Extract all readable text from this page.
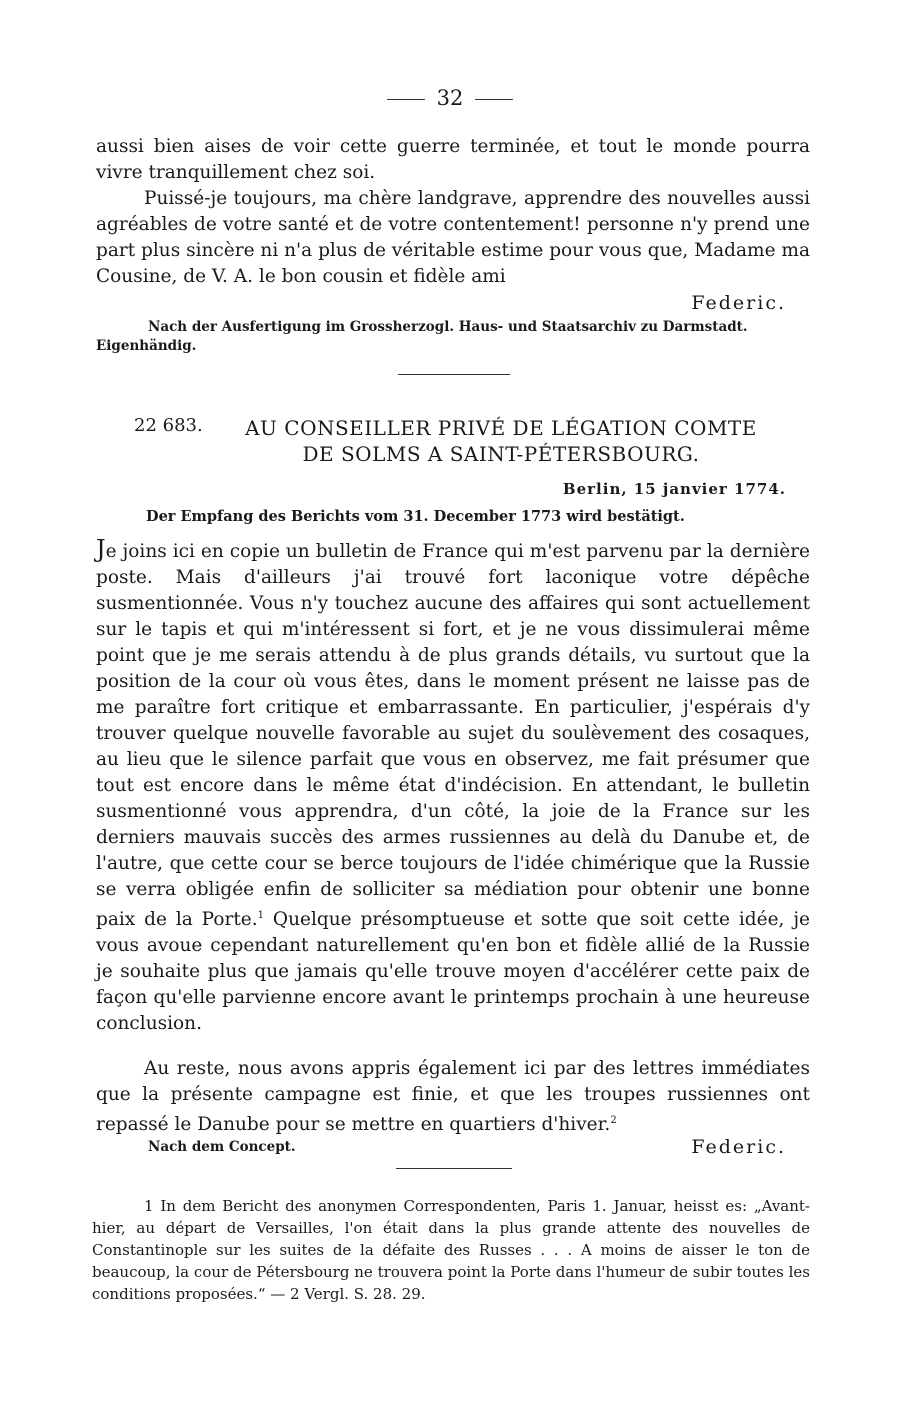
32

aussi bien aises de voir cette guerre terminée, et tout le monde pourra vivre tranquillement chez soi.

Puissé-je toujours, ma chère landgrave, apprendre des nouvelles aussi agréables de votre santé et de votre contentement! personne n'y prend une part plus sincère ni n'a plus de véritable estime pour vous que, Madame ma Cousine, de V. A. le bon cousin et fidèle ami

Federic.

Nach der Ausfertigung im Grossherzogl. Haus- und Staatsarchiv zu Darmstadt. Eigenhändig.

22 683.	AU CONSEILLER PRIVÉ DE LÉGATION COMTE
DE SOLMS A SAINT-PÉTERSBOURG.
Berlin, 15 janvier 1774.
Der Empfang des Berichts vom 31. December 1773 wird bestätigt.

Je joins ici en copie un bulletin de France qui m'est parvenu par la dernière poste. Mais d'ailleurs j'ai trouvé fort laconique votre dépêche susmentionnée. Vous n'y touchez aucune des affaires qui sont actuellement sur le tapis et qui m'intéressent si fort, et je ne vous dissimulerai même point que je me serais attendu à de plus grands détails, vu surtout que la position de la cour où vous êtes, dans le moment présent ne laisse pas de me paraître fort critique et embarrassante. En particulier, j'espérais d'y trouver quelque nouvelle favorable au sujet du soulèvement des cosaques, au lieu que le silence parfait que vous en observez, me fait présumer que tout est encore dans le même état d'indécision. En attendant, le bulletin susmentionné vous apprendra, d'un côté, la joie de la France sur les derniers mauvais succès des armes russiennes au delà du Danube et, de l'autre, que cette cour se berce toujours de l'idée chimérique que la Russie se verra obligée enfin de solliciter sa médiation pour obtenir une bonne paix de la Porte.$^1$ Quelque présomptueuse et sotte que soit cette idée, je vous avoue cependant naturellement qu'en bon et fidèle allié de la Russie je souhaite plus que jamais qu'elle trouve moyen d'accélérer cette paix de façon qu'elle parvienne encore avant le printemps prochain à une heureuse conclusion.

Au reste, nous avons appris également ici par des lettres immédiates que la présente campagne est finie, et que les troupes russiennes ont repassé le Danube pour se mettre en quartiers d'hiver.$^2$

Nach dem Concept.	Federic.

1 In dem Bericht des anonymen Correspondenten, Paris 1. Januar, heisst es: „Avant-hier, au départ de Versailles, l'on était dans la plus grande attente des nouvelles de Constantinople sur les suites de la défaite des Russes . . . A moins de aisser le ton de beaucoup, la cour de Pétersbourg ne trouvera point la Porte dans l'humeur de subir toutes les conditions proposées.“ — 2 Vergl. S. 28. 29.
